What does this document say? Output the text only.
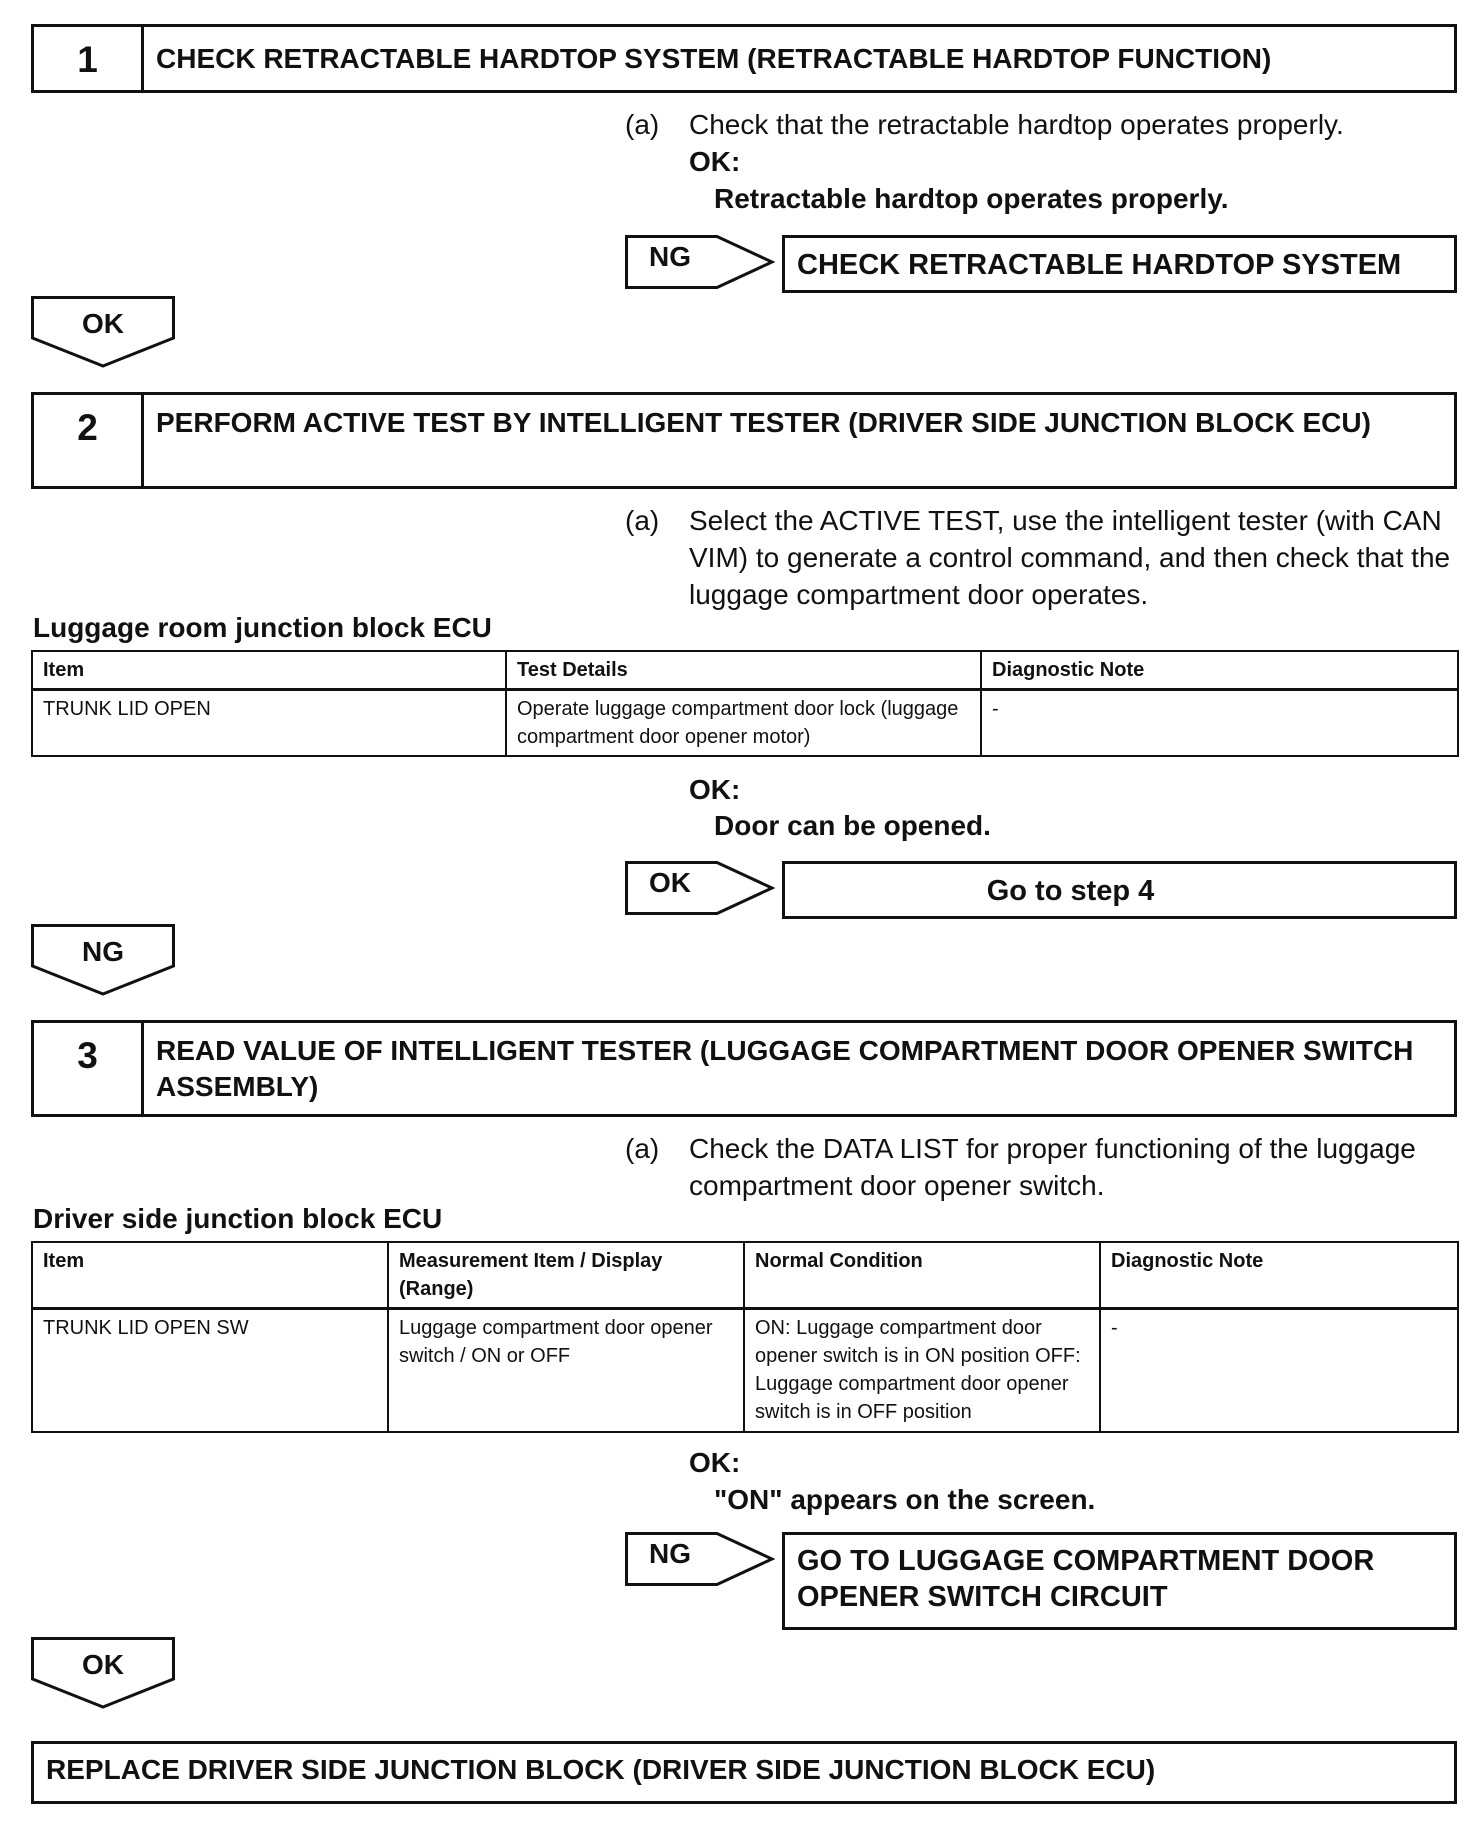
1	CHECK RETRACTABLE HARDTOP SYSTEM (RETRACTABLE HARDTOP FUNCTION)
(a) Check that the retractable hardtop operates properly.
OK:
Retractable hardtop operates properly.
NG	CHECK RETRACTABLE HARDTOP SYSTEM
OK
2	PERFORM ACTIVE TEST BY INTELLIGENT TESTER (DRIVER SIDE JUNCTION BLOCK ECU)
(a) Select the ACTIVE TEST, use the intelligent tester (with CAN VIM) to generate a control command, and then check that the luggage compartment door operates.
Luggage room junction block ECU
Item	Test Details	Diagnostic Note
TRUNK LID OPEN	Operate luggage compartment door lock (luggage compartment door opener motor)	-
OK:
Door can be opened.
OK	Go to step 4
NG
3	READ VALUE OF INTELLIGENT TESTER (LUGGAGE COMPARTMENT DOOR OPENER SWITCH ASSEMBLY)
(a) Check the DATA LIST for proper functioning of the luggage compartment door opener switch.
Driver side junction block ECU
Item	Measurement Item / Display (Range)	Normal Condition	Diagnostic Note
TRUNK LID OPEN SW	Luggage compartment door opener switch / ON or OFF	ON: Luggage compartment door opener switch is in ON position OFF: Luggage compartment door opener switch is in OFF position	-
OK:
"ON" appears on the screen.
NG	GO TO LUGGAGE COMPARTMENT DOOR OPENER SWITCH CIRCUIT
OK
REPLACE DRIVER SIDE JUNCTION BLOCK (DRIVER SIDE JUNCTION BLOCK ECU)
